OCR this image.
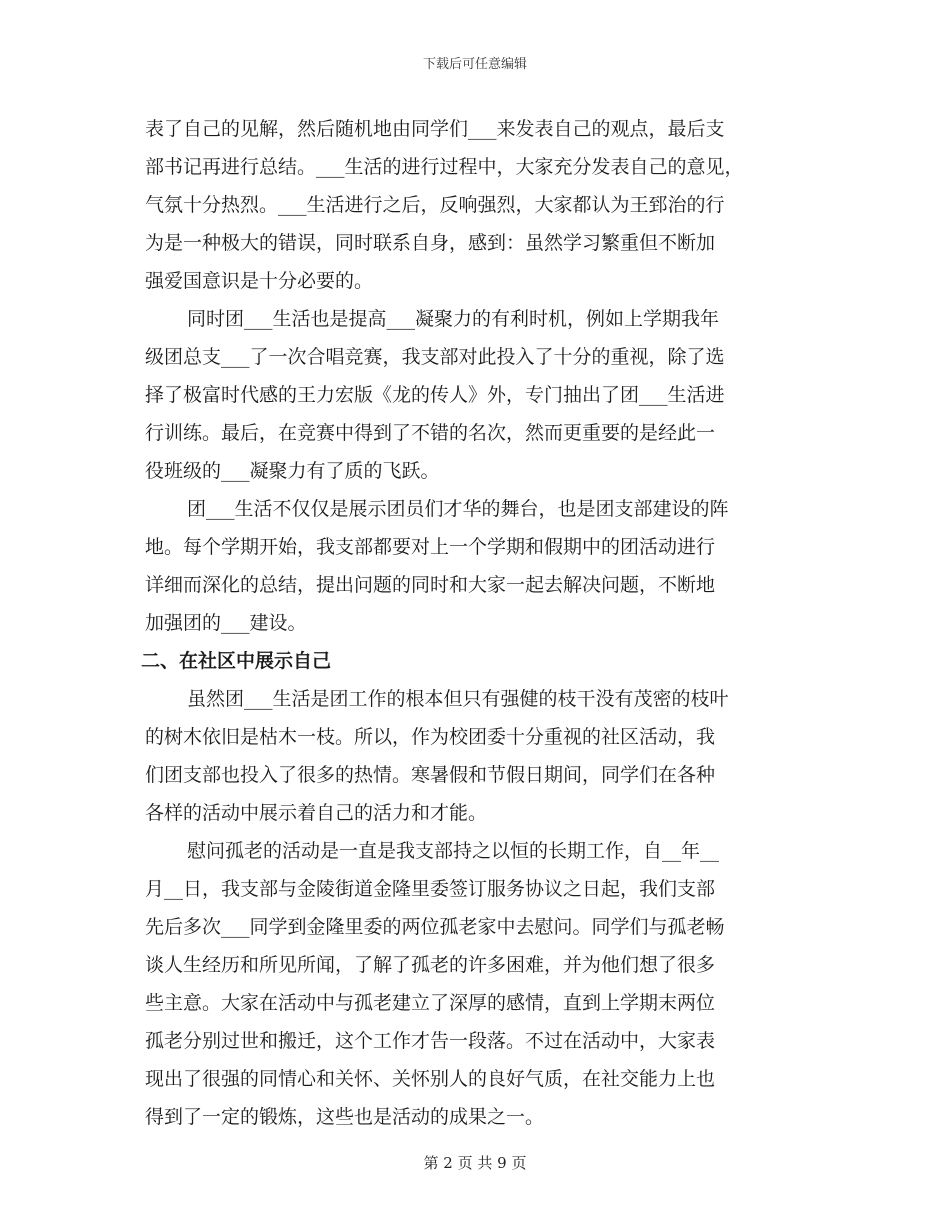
下载后可任意编辑
表了自己的见解，然后随机地由同学们___来发表自己的观点，最后支
部书记再进行总结。___生活的进行过程中，大家充分发表自己的意见，
气氛十分热烈。___生活进行之后，反响强烈，大家都认为王郅治的行
为是一种极大的错误，同时联系自身，感到：虽然学习繁重但不断加
强爱国意识是十分必要的。
同时团___生活也是提高___凝聚力的有利时机，例如上学期我年
级团总支___了一次合唱竞赛，我支部对此投入了十分的重视，除了选
择了极富时代感的王力宏版《龙的传人》外，专门抽出了团___生活进
行训练。最后，在竞赛中得到了不错的名次，然而更重要的是经此一
役班级的___凝聚力有了质的飞跃。
团___生活不仅仅是展示团员们才华的舞台，也是团支部建设的阵
地。每个学期开始，我支部都要对上一个学期和假期中的团活动进行
详细而深化的总结，提出问题的同时和大家一起去解决问题，不断地
加强团的___建设。
二、在社区中展示自己
虽然团___生活是团工作的根本但只有强健的枝干没有茂密的枝叶
的树木依旧是枯木一枝。所以，作为校团委十分重视的社区活动，我
们团支部也投入了很多的热情。寒暑假和节假日期间，同学们在各种
各样的活动中展示着自己的活力和才能。
慰问孤老的活动是一直是我支部持之以恒的长期工作，自__年__
月__日，我支部与金陵街道金隆里委签订服务协议之日起，我们支部
先后多次___同学到金隆里委的两位孤老家中去慰问。同学们与孤老畅
谈人生经历和所见所闻，了解了孤老的许多困难，并为他们想了很多
些主意。大家在活动中与孤老建立了深厚的感情，直到上学期末两位
孤老分别过世和搬迁，这个工作才告一段落。不过在活动中，大家表
现出了很强的同情心和关怀、关怀别人的良好气质，在社交能力上也
得到了一定的锻炼，这些也是活动的成果之一。
第 2 页 共 9 页
